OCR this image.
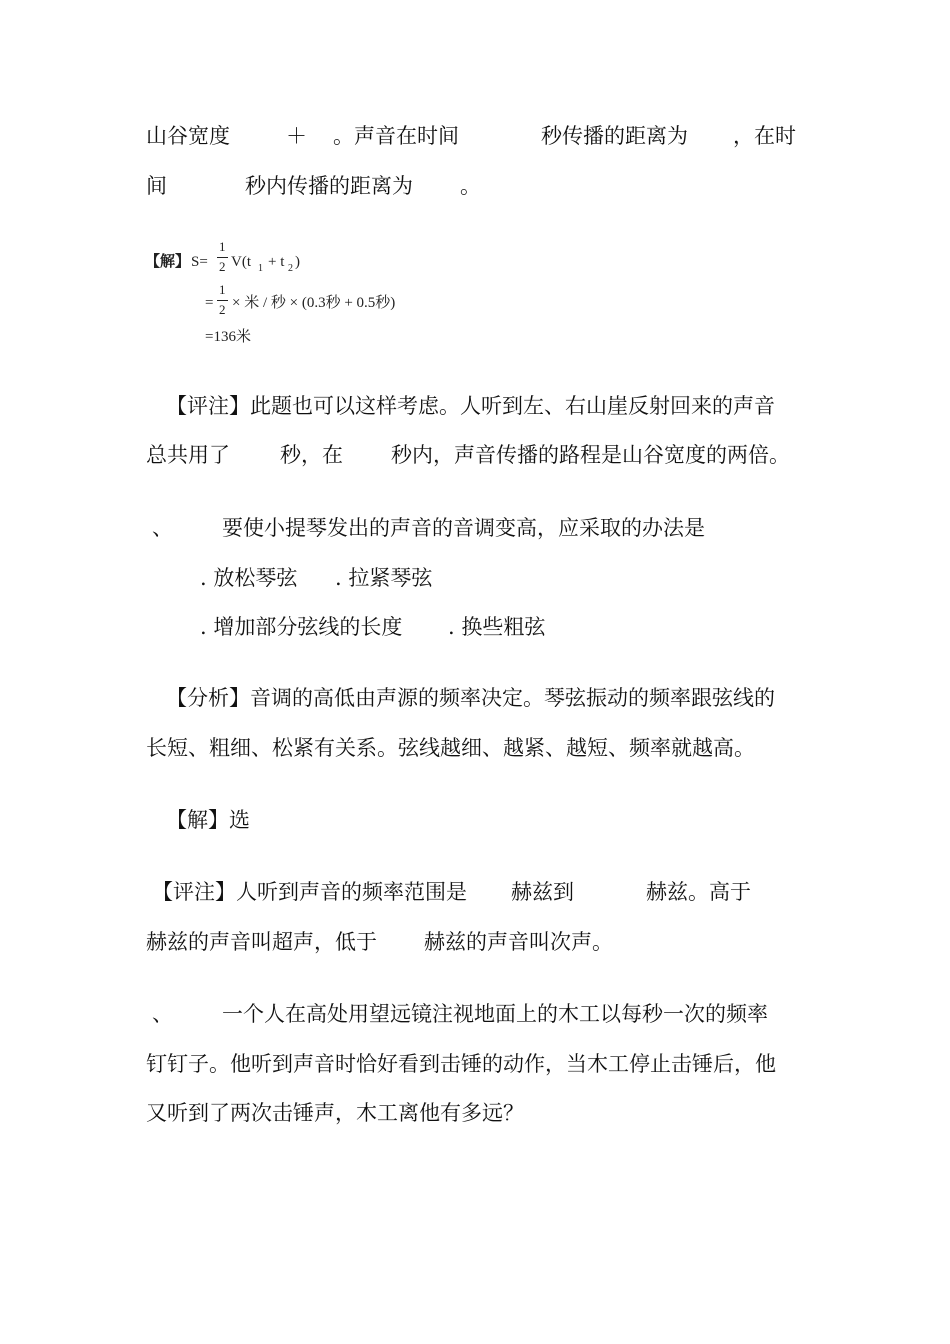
山谷宽度	＋ 。声音在时间	秒传播的距离为 ，在时
间	秒内传播的距离为 。
【解】 S=
1
2 V(t 1 + t 2 )
=
1
2 × 米 / 秒 × (0.3秒 + 0.5秒)
=136米
【评注】此题也可以这样考虑。人听到左、右山崖反射回来的声音
总共用了 秒，在 秒内，声音传播的路程是山谷宽度的两倍。
、 要使小提琴发出的声音的音调变高，应采取的办法是
. 放松琴弦 . 拉紧琴弦
. 增加部分弦线的长度 . 换些粗弦
【分析】音调的高低由声源的频率决定。琴弦振动的频率跟弦线的
长短、粗细、松紧有关系。弦线越细、越紧、越短、频率就越高。
【解】选
【评注】人听到声音的频率范围是 赫兹到	赫兹。高于
赫兹的声音叫超声，低于 赫兹的声音叫次声。
、 一个人在高处用望远镜注视地面上的木工以每秒一次的频率
钉钉子。他听到声音时恰好看到击锤的动作，当木工停止击锤后，他
又听到了两次击锤声，木工离他有多远？
